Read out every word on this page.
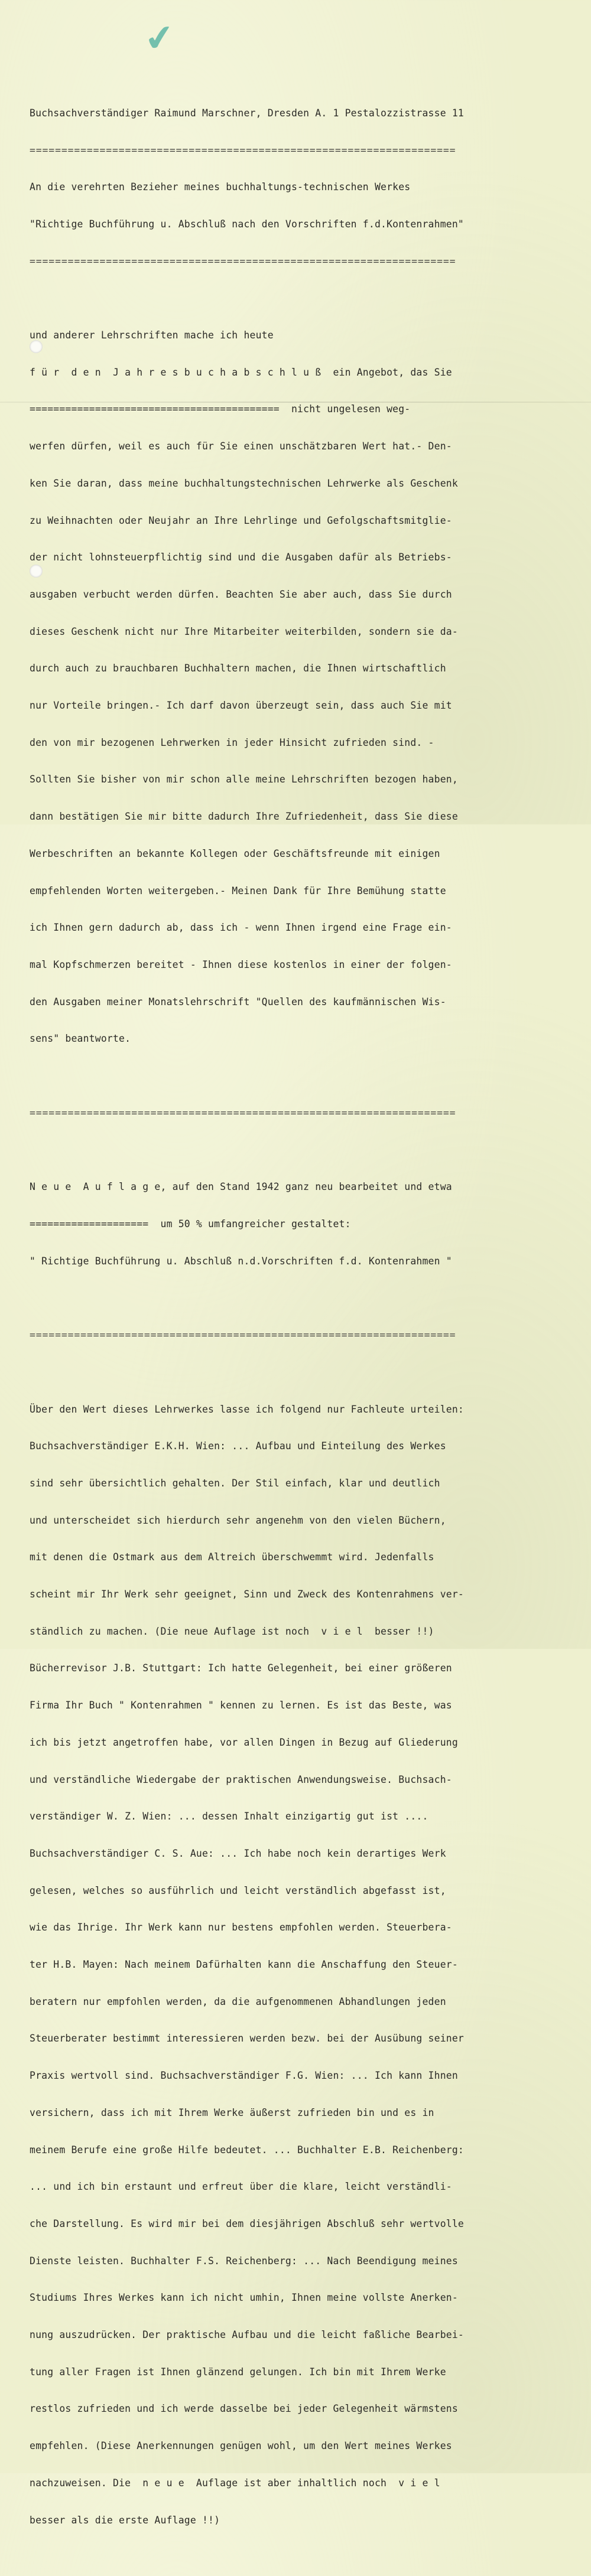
✔

Buchsachverständiger Raimund Marschner, Dresden A. 1 Pestalozzistrasse 11

===================================================================

An die verehrten Bezieher meines buchhaltungs-technischen Werkes

"Richtige Buchführung u. Abschluß nach den Vorschriften f.d.Kontenrahmen"

===================================================================

und anderer Lehrschriften mache ich heute

f ü r  d e n  J a h r e s b u c h a b s c h l u ß  ein Angebot, das Sie

==========================================  nicht ungelesen weg-

werfen dürfen, weil es auch für Sie einen unschätzbaren Wert hat.- Den-

ken Sie daran, dass meine buchhaltungstechnischen Lehrwerke als Geschenk

zu Weihnachten oder Neujahr an Ihre Lehrlinge und Gefolgschaftsmitglie-

der nicht lohnsteuerpflichtig sind und die Ausgaben dafür als Betriebs-

ausgaben verbucht werden dürfen. Beachten Sie aber auch, dass Sie durch

dieses Geschenk nicht nur Ihre Mitarbeiter weiterbilden, sondern sie da-

durch auch zu brauchbaren Buchhaltern machen, die Ihnen wirtschaftlich

nur Vorteile bringen.- Ich darf davon überzeugt sein, dass auch Sie mit

den von mir bezogenen Lehrwerken in jeder Hinsicht zufrieden sind. -

Sollten Sie bisher von mir schon alle meine Lehrschriften bezogen haben,

dann bestätigen Sie mir bitte dadurch Ihre Zufriedenheit, dass Sie diese

Werbeschriften an bekannte Kollegen oder Geschäftsfreunde mit einigen

empfehlenden Worten weitergeben.- Meinen Dank für Ihre Bemühung statte

ich Ihnen gern dadurch ab, dass ich - wenn Ihnen irgend eine Frage ein-

mal Kopfschmerzen bereitet - Ihnen diese kostenlos in einer der folgen-

den Ausgaben meiner Monatslehrschrift "Quellen des kaufmännischen Wis-

sens" beantworte.

===================================================================

N e u e  A u f l a g e, auf den Stand 1942 ganz neu bearbeitet und etwa

====================  um 50 % umfangreicher gestaltet:

" Richtige Buchführung u. Abschluß n.d.Vorschriften f.d. Kontenrahmen "

===================================================================

Über den Wert dieses Lehrwerkes lasse ich folgend nur Fachleute urteilen:

Buchsachverständiger E.K.H. Wien: ... Aufbau und Einteilung des Werkes

sind sehr übersichtlich gehalten. Der Stil einfach, klar und deutlich

und unterscheidet sich hierdurch sehr angenehm von den vielen Büchern,

mit denen die Ostmark aus dem Altreich überschwemmt wird. Jedenfalls

scheint mir Ihr Werk sehr geeignet, Sinn und Zweck des Kontenrahmens ver-

ständlich zu machen. (Die neue Auflage ist noch  v i e l  besser !!)

Bücherrevisor J.B. Stuttgart: Ich hatte Gelegenheit, bei einer größeren

Firma Ihr Buch " Kontenrahmen " kennen zu lernen. Es ist das Beste, was

ich bis jetzt angetroffen habe, vor allen Dingen in Bezug auf Gliederung

und verständliche Wiedergabe der praktischen Anwendungsweise. Buchsach-

verständiger W. Z. Wien: ... dessen Inhalt einzigartig gut ist ....

Buchsachverständiger C. S. Aue: ... Ich habe noch kein derartiges Werk

gelesen, welches so ausführlich und leicht verständlich abgefasst ist,

wie das Ihrige. Ihr Werk kann nur bestens empfohlen werden. Steuerbera-

ter H.B. Mayen: Nach meinem Dafürhalten kann die Anschaffung den Steuer-

beratern nur empfohlen werden, da die aufgenommenen Abhandlungen jeden

Steuerberater bestimmt interessieren werden bezw. bei der Ausübung seiner

Praxis wertvoll sind. Buchsachverständiger F.G. Wien: ... Ich kann Ihnen

versichern, dass ich mit Ihrem Werke äußerst zufrieden bin und es in

meinem Berufe eine große Hilfe bedeutet. ... Buchhalter E.B. Reichenberg:

... und ich bin erstaunt und erfreut über die klare, leicht verständli-

che Darstellung. Es wird mir bei dem diesjährigen Abschluß sehr wertvolle

Dienste leisten. Buchhalter F.S. Reichenberg: ... Nach Beendigung meines

Studiums Ihres Werkes kann ich nicht umhin, Ihnen meine vollste Anerken-

nung auszudrücken. Der praktische Aufbau und die leicht faßliche Bearbei-

tung aller Fragen ist Ihnen glänzend gelungen. Ich bin mit Ihrem Werke

restlos zufrieden und ich werde dasselbe bei jeder Gelegenheit wärmstens

empfehlen. (Diese Anerkennungen genügen wohl, um den Wert meines Werkes

nachzuweisen. Die  n e u e  Auflage ist aber inhaltlich noch  v i e l

besser als die erste Auflage !!)
